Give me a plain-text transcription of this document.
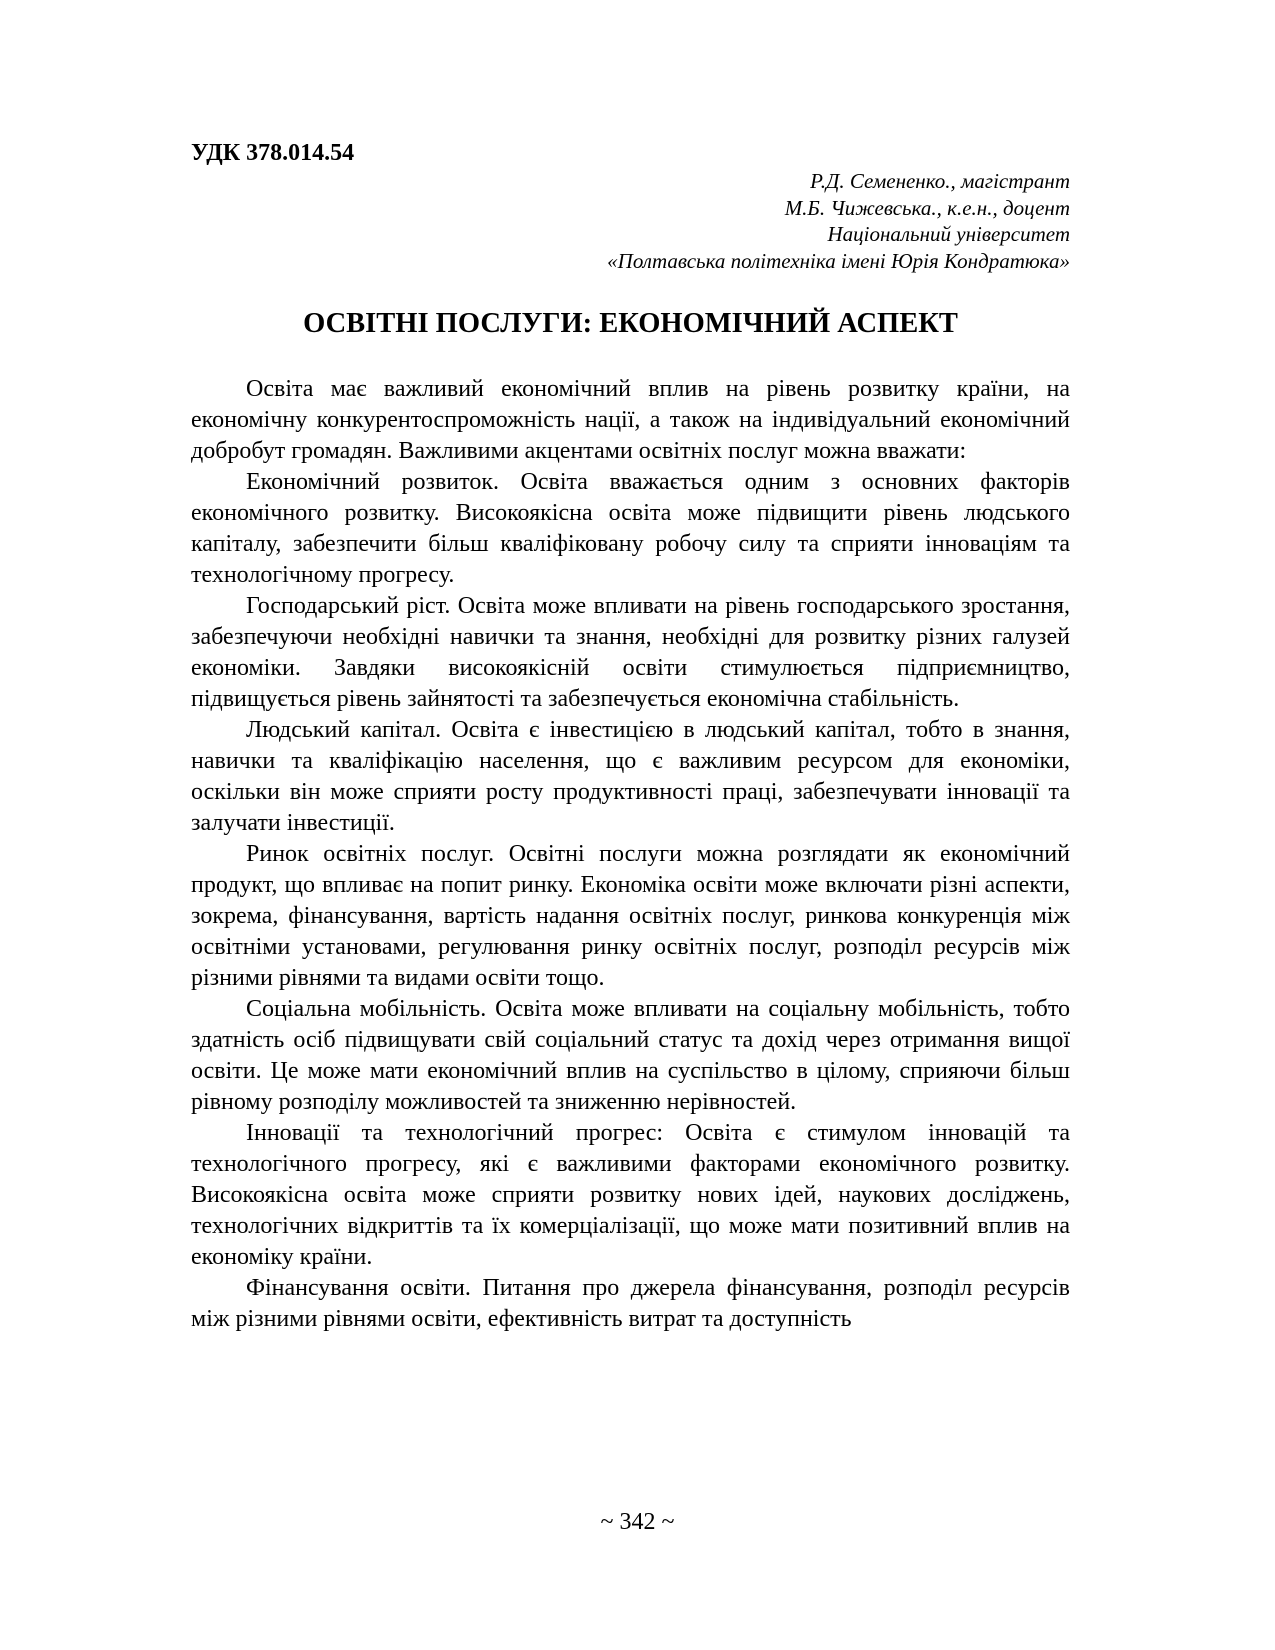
УДК 378.014.54
Р.Д. Семененко., магістрант
М.Б. Чижевська., к.е.н., доцент
Національний університет
«Полтавська політехніка імені Юрія Кондратюка»
ОСВІТНІ ПОСЛУГИ: ЕКОНОМІЧНИЙ АСПЕКТ

Освіта має важливий економічний вплив на рівень розвитку країни, на економічну конкурентоспроможність нації, а також на індивідуальний економічний добробут громадян. Важливими акцентами освітніх послуг можна вважати:

Економічний розвиток. Освіта вважається одним з основних факторів економічного розвитку. Високоякісна освіта може підвищити рівень людського капіталу, забезпечити більш кваліфіковану робочу силу та сприяти інноваціям та технологічному прогресу.

Господарський ріст. Освіта може впливати на рівень господарського зростання, забезпечуючи необхідні навички та знання, необхідні для розвитку різних галузей економіки. Завдяки високоякісній освіти стимулюється підприємництво, підвищується рівень зайнятості та забезпечується економічна стабільність.

Людський капітал. Освіта є інвестицією в людський капітал, тобто в знання, навички та кваліфікацію населення, що є важливим ресурсом для економіки, оскільки він може сприяти росту продуктивності праці, забезпечувати інновації та залучати інвестиції.

Ринок освітніх послуг. Освітні послуги можна розглядати як економічний продукт, що впливає на попит ринку. Економіка освіти може включати різні аспекти, зокрема, фінансування, вартість надання освітніх послуг, ринкова конкуренція між освітніми установами, регулювання ринку освітніх послуг, розподіл ресурсів між різними рівнями та видами освіти тощо.

Соціальна мобільність. Освіта може впливати на соціальну мобільність, тобто здатність осіб підвищувати свій соціальний статус та дохід через отримання вищої освіти. Це може мати економічний вплив на суспільство в цілому, сприяючи більш рівному розподілу можливостей та зниженню нерівностей.

Інновації та технологічний прогрес: Освіта є стимулом інновацій та технологічного прогресу, які є важливими факторами економічного розвитку. Високоякісна освіта може сприяти розвитку нових ідей, наукових досліджень, технологічних відкриттів та їх комерціалізації, що може мати позитивний вплив на економіку країни.

Фінансування освіти. Питання про джерела фінансування, розподіл ресурсів між різними рівнями освіти, ефективність витрат та доступність

~ 342 ~
